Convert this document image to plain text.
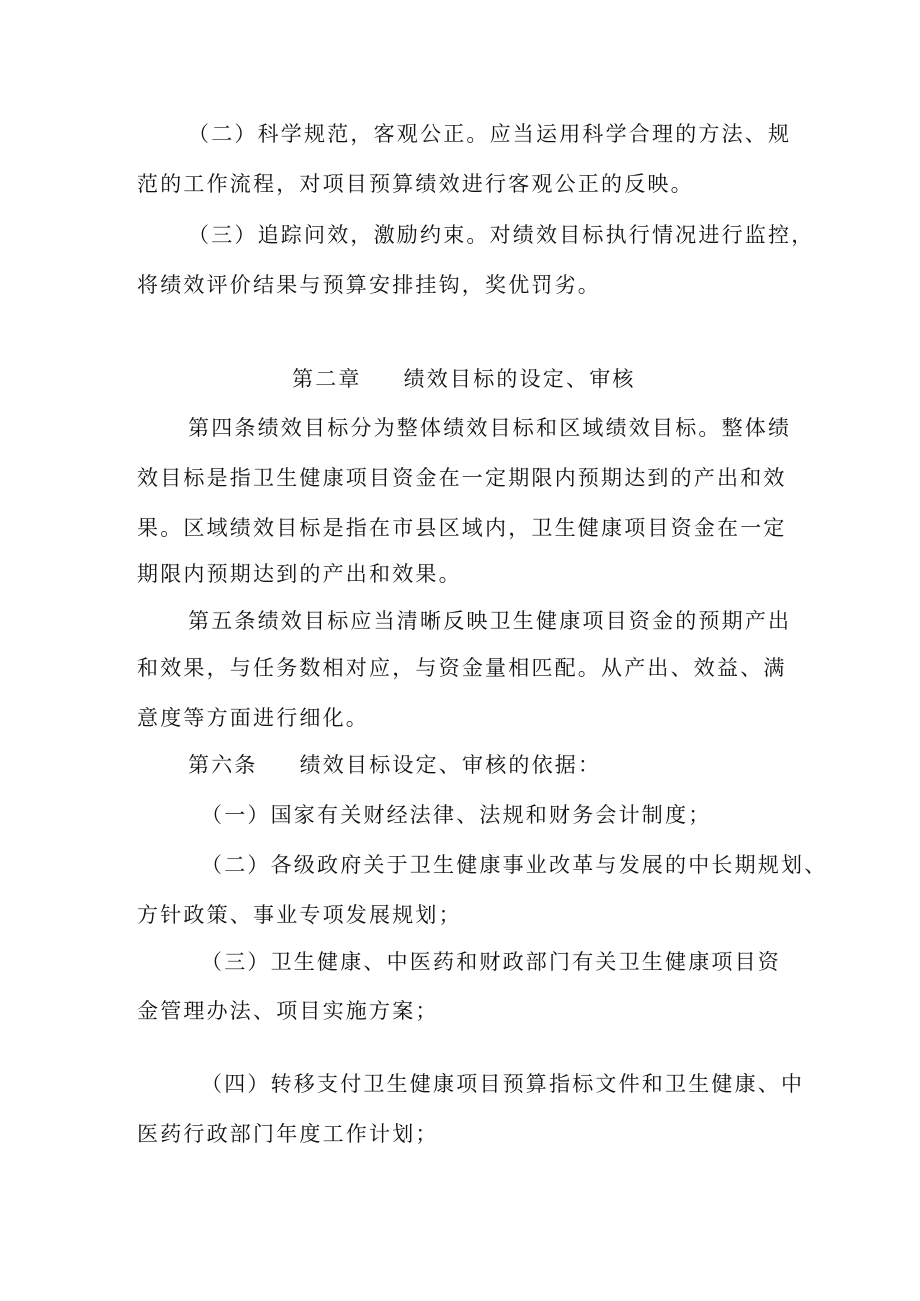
（二）科学规范，客观公正。应当运用科学合理的方法、规
范的工作流程，对项目预算绩效进行客观公正的反映。
（三）追踪问效，激励约束。对绩效目标执行情况进行监控，
将绩效评价结果与预算安排挂钩，奖优罚劣。
第二章 绩效目标的设定、审核
第四条绩效目标分为整体绩效目标和区域绩效目标。整体绩
效目标是指卫生健康项目资金在一定期限内预期达到的产出和效
果。区域绩效目标是指在市县区域内，卫生健康项目资金在一定
期限内预期达到的产出和效果。
第五条绩效目标应当清晰反映卫生健康项目资金的预期产出
和效果，与任务数相对应，与资金量相匹配。从产出、效益、满
意度等方面进行细化。
第六条 绩效目标设定、审核的依据：
（一）国家有关财经法律、法规和财务会计制度；
（二）各级政府关于卫生健康事业改革与发展的中长期规划、
方针政策、事业专项发展规划；
（三）卫生健康、中医药和财政部门有关卫生健康项目资
金管理办法、项目实施方案；
（四）转移支付卫生健康项目预算指标文件和卫生健康、中
医药行政部门年度工作计划；
